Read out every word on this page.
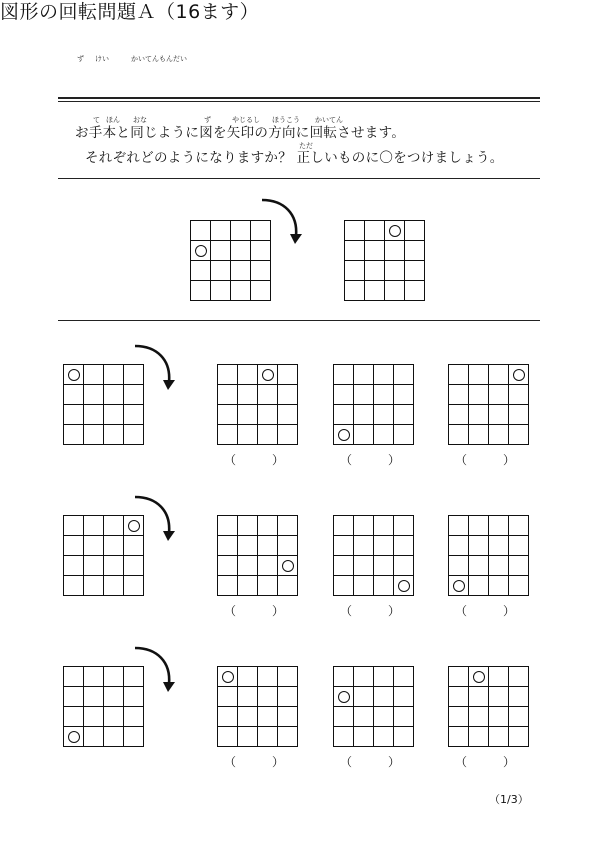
ず けい	かいてんもんだい
図形の回転問題Ａ（16ます）
て ほん おな	ず	やじるし ほうこう かいてん
お手本と同じように図を矢印の方向に回転させます。
ただ
それぞれどのようになりますか？ 正しいものに〇をつけましょう。
（　　　）	（　　　）	（　　　）
（　　　）	（　　　）	（　　　）
（　　　）	（　　　）	（　　　）
（1/3）
